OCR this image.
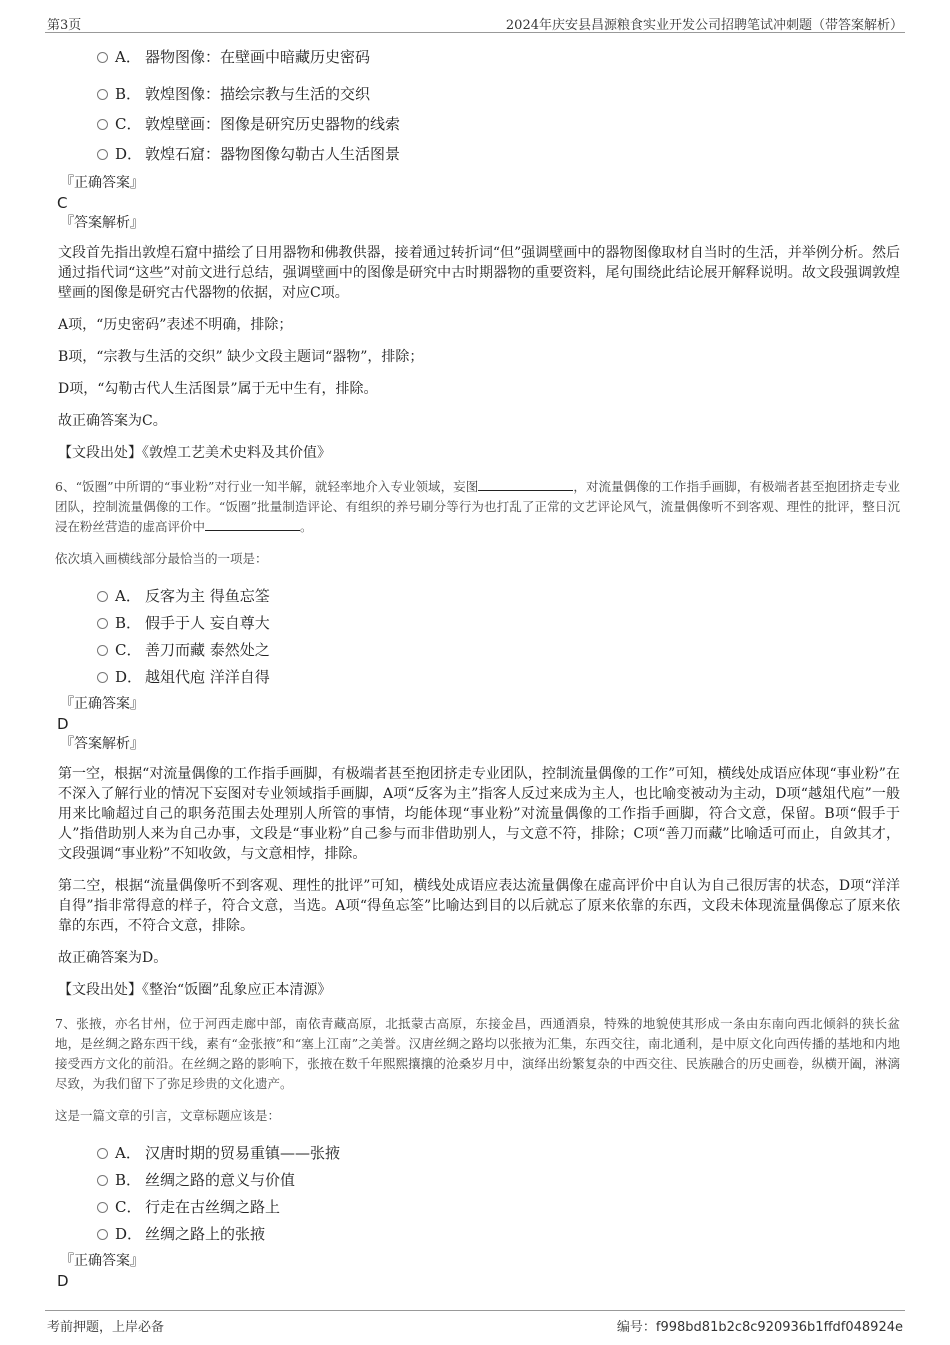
第3页	2024年庆安县昌源粮食实业开发公司招聘笔试冲刺题（带答案解析）
A． 器物图像：在壁画中暗藏历史密码
B． 敦煌图像：描绘宗教与生活的交织
C． 敦煌壁画：图像是研究历史器物的线索
D． 敦煌石窟：器物图像勾勒古人生活图景
『正确答案』
C
『答案解析』

文段首先指出敦煌石窟中描绘了日用器物和佛教供器，接着通过转折词“但”强调壁画中的器物图像取材自当时的生活，并举例分析。然后通过指代词“这些”对前文进行总结，强调壁画中的图像是研究中古时期器物的重要资料，尾句围绕此结论展开解释说明。故文段强调敦煌壁画的图像是研究古代器物的依据，对应C项。

A项，“历史密码”表述不明确，排除；

B项，“宗教与生活的交织” 缺少文段主题词“器物”，排除；

D项，“勾勒古代人生活图景”属于无中生有，排除。

故正确答案为C。

【文段出处】《敦煌工艺美术史料及其价值》

6、“饭圈”中所谓的“事业粉”对行业一知半解，就轻率地介入专业领域，妄图	，对流量偶像的工作指手画脚，有极端者甚至抱团挤走专业团队，控制流量偶像的工作。“饭圈”批量制造评论、有组织的养号刷分等行为也打乱了正常的文艺评论风气，流量偶像听不到客观、理性的批评，整日沉浸在粉丝营造的虚高评价中	。

依次填入画横线部分最恰当的一项是：

A． 反客为主 得鱼忘筌
B． 假手于人 妄自尊大
C． 善刀而藏 泰然处之
D． 越俎代庖 洋洋自得
『正确答案』
D
『答案解析』

第一空，根据“对流量偶像的工作指手画脚，有极端者甚至抱团挤走专业团队，控制流量偶像的工作”可知，横线处成语应体现“事业粉”在不深入了解行业的情况下妄图对专业领域指手画脚，A项“反客为主”指客人反过来成为主人，也比喻变被动为主动，D项“越俎代庖”一般用来比喻超过自己的职务范围去处理别人所管的事情，均能体现“事业粉”对流量偶像的工作指手画脚，符合文意，保留。B项“假手于人”指借助别人来为自己办事，文段是“事业粉”自己参与而非借助别人，与文意不符，排除；C项“善刀而藏”比喻适可而止，自敛其才，文段强调“事业粉”不知收敛，与文意相悖，排除。

第二空，根据“流量偶像听不到客观、理性的批评”可知，横线处成语应表达流量偶像在虚高评价中自认为自己很厉害的状态，D项“洋洋自得”指非常得意的样子，符合文意，当选。A项“得鱼忘筌”比喻达到目的以后就忘了原来依靠的东西，文段未体现流量偶像忘了原来依靠的东西，不符合文意，排除。

故正确答案为D。

【文段出处】《整治“饭圈”乱象应正本清源》

7、张掖，亦名甘州，位于河西走廊中部，南依青藏高原，北抵蒙古高原，东接金昌，西通酒泉，特殊的地貌使其形成一条由东南向西北倾斜的狭长盆地，是丝绸之路东西干线，素有“金张掖”和“塞上江南”之美誉。汉唐丝绸之路均以张掖为汇集，东西交往，南北通利，是中原文化向西传播的基地和内地接受西方文化的前沿。在丝绸之路的影响下，张掖在数千年熙熙攘攘的沧桑岁月中，演绎出纷繁复杂的中西交往、民族融合的历史画卷，纵横开阖，淋漓尽致，为我们留下了弥足珍贵的文化遗产。

这是一篇文章的引言，文章标题应该是：

A． 汉唐时期的贸易重镇——张掖
B． 丝绸之路的意义与价值
C． 行走在古丝绸之路上
D． 丝绸之路上的张掖
『正确答案』
D
考前押题，上岸必备	编号：f998bd81b2c8c920936b1ffdf048924e
